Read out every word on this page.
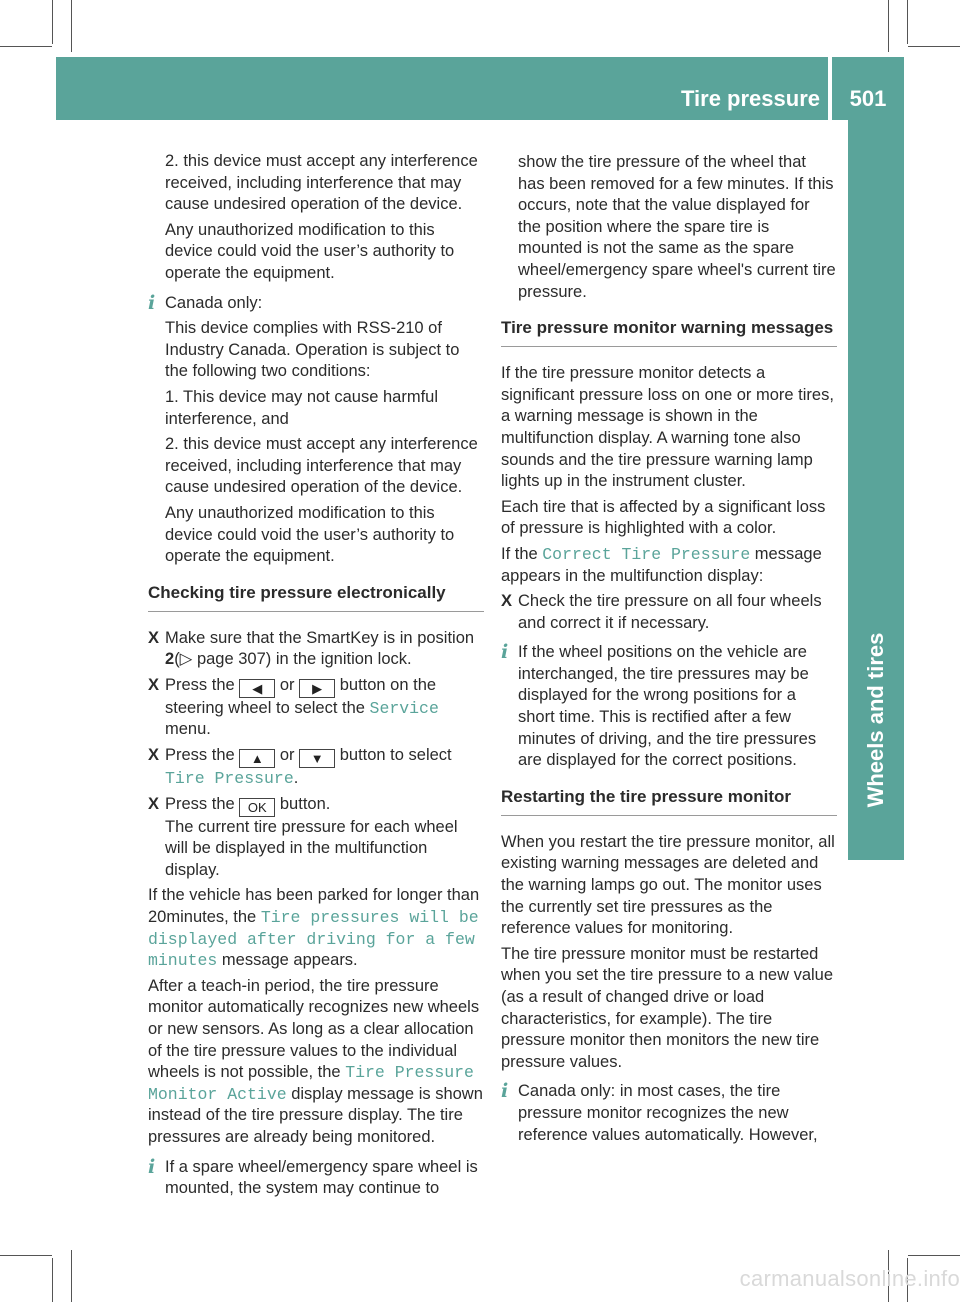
Tire pressure	501
Wheels and tires
2. this device must accept any interference received, including interference that may cause undesired operation of the device.
Any unauthorized modification to this device could void the user’s authority to operate the equipment.
i Canada only:
This device complies with RSS-210 of Industry Canada. Operation is subject to the following two conditions:
1. This device may not cause harmful interference, and
2. this device must accept any interference received, including interference that may cause undesired operation of the device.
Any unauthorized modification to this device could void the user’s authority to operate the equipment.
Checking tire pressure electronically
X Make sure that the SmartKey is in position 2(▷ page 307) in the ignition lock.
X Press the ◀ or ▶ button on the steering wheel to select the Service menu.
X Press the ▲ or ▼ button to select Tire Pressure.
X Press the OK button.
The current tire pressure for each wheel will be displayed in the multifunction display.
If the vehicle has been parked for longer than 20minutes, the Tire pressures will be displayed after driving for a few minutes message appears.
After a teach-in period, the tire pressure monitor automatically recognizes new wheels or new sensors. As long as a clear allocation of the tire pressure values to the individual wheels is not possible, the Tire Pressure Monitor Active display message is shown instead of the tire pressure display. The tire pressures are already being monitored.
i If a spare wheel/emergency spare wheel is mounted, the system may continue to
show the tire pressure of the wheel that has been removed for a few minutes. If this occurs, note that the value displayed for the position where the spare tire is mounted is not the same as the spare wheel/emergency spare wheel's current tire pressure.
Tire pressure monitor warning messages
If the tire pressure monitor detects a significant pressure loss on one or more tires, a warning message is shown in the multifunction display. A warning tone also sounds and the tire pressure warning lamp lights up in the instrument cluster.
Each tire that is affected by a significant loss of pressure is highlighted with a color.
If the Correct Tire Pressure message appears in the multifunction display:
X Check the tire pressure on all four wheels and correct it if necessary.
i If the wheel positions on the vehicle are interchanged, the tire pressures may be displayed for the wrong positions for a short time. This is rectified after a few minutes of driving, and the tire pressures are displayed for the correct positions.
Restarting the tire pressure monitor
When you restart the tire pressure monitor, all existing warning messages are deleted and the warning lamps go out. The monitor uses the currently set tire pressures as the reference values for monitoring.
The tire pressure monitor must be restarted when you set the tire pressure to a new value (as a result of changed drive or load characteristics, for example). The tire pressure monitor then monitors the new tire pressure values.
i Canada only: in most cases, the tire pressure monitor recognizes the new reference values automatically. However,
carmanualsonline.info
